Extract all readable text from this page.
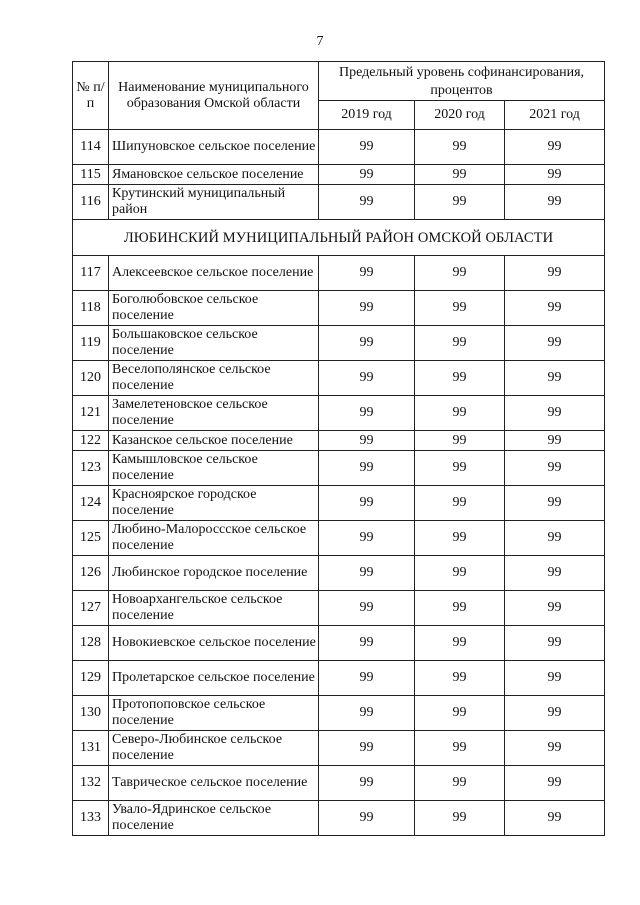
7
№ п/п	Наименование муниципального образования Омской области	Предельный уровень софинансирования, процентов		
		2019 год	2020 год	2021 год
114	Шипуновское сельское поселение	99	99	99
115	Ямановское сельское поселение	99	99	99
116	Крутинский муниципальный район	99	99	99
ЛЮБИНСКИЙ МУНИЦИПАЛЬНЫЙ РАЙОН ОМСКОЙ ОБЛАСТИ				
117	Алексеевское сельское поселение	99	99	99
118	Боголюбовское сельское поселение	99	99	99
119	Большаковское сельское поселение	99	99	99
120	Веселополянское сельское поселение	99	99	99
121	Замелетеновское сельское поселение	99	99	99
122	Казанское сельское поселение	99	99	99
123	Камышловское сельское поселение	99	99	99
124	Красноярское городское поселение	99	99	99
125	Любино-Малороссское сельское поселение	99	99	99
126	Любинское городское поселение	99	99	99
127	Новоархангельское сельское поселение	99	99	99
128	Новокиевское сельское поселение	99	99	99
129	Пролетарское сельское поселение	99	99	99
130	Протопоповское сельское поселение	99	99	99
131	Северо-Любинское сельское поселение	99	99	99
132	Таврическое сельское поселение	99	99	99
133	Увало-Ядринское сельское поселение	99	99	99
